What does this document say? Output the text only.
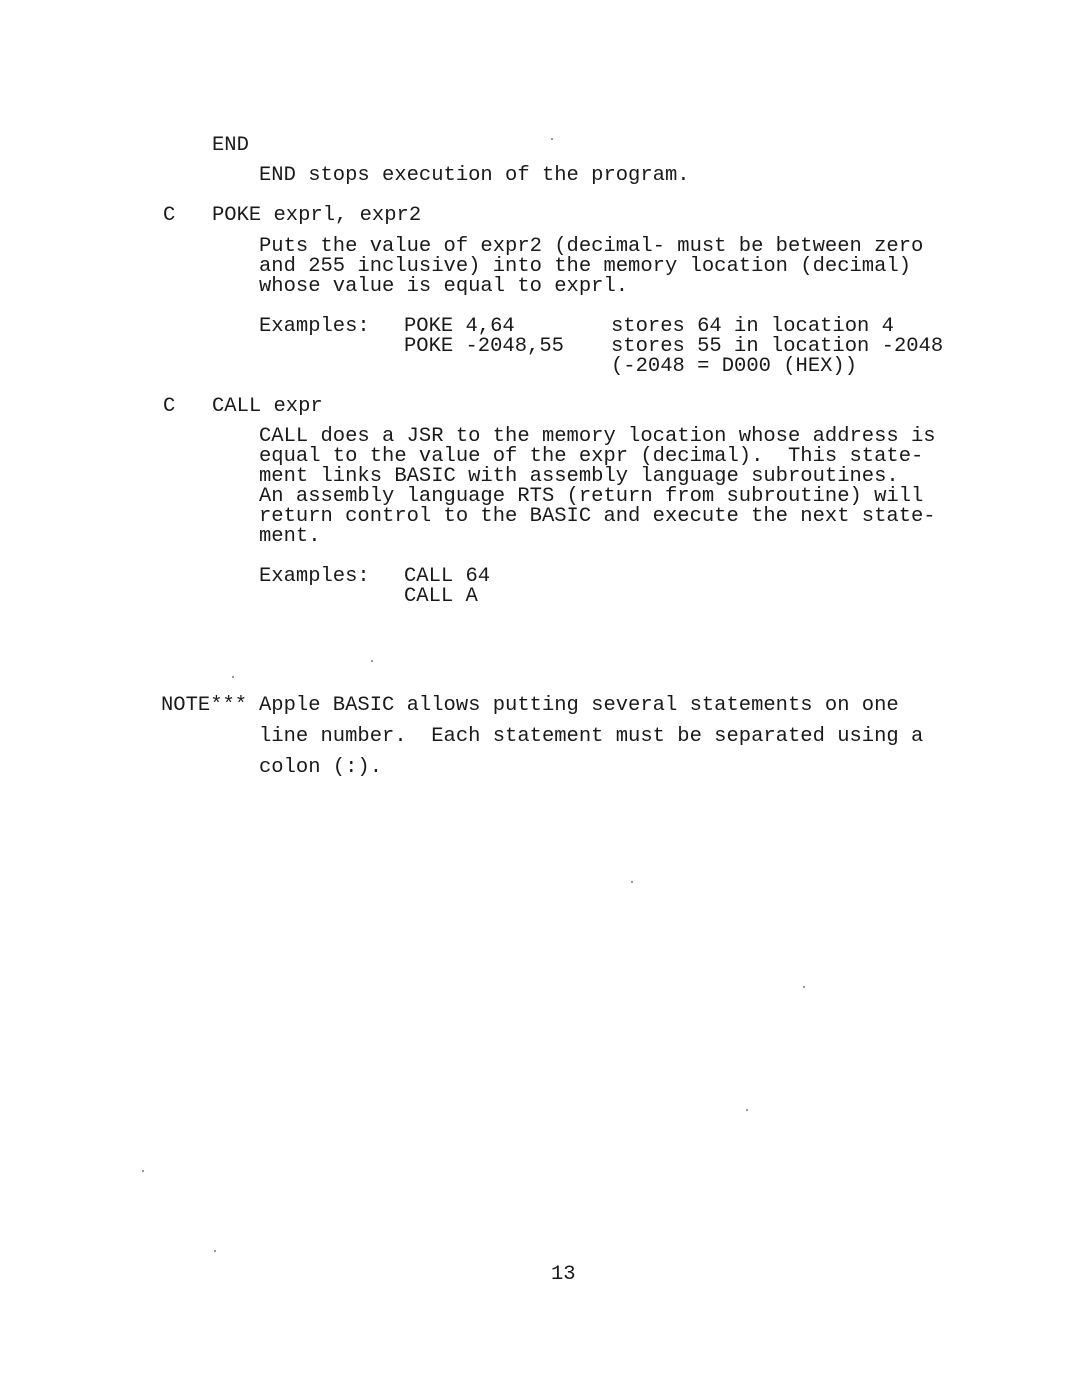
END
END stops execution of the program.
C POKE exprl, expr2
Puts the value of expr2 (decimal- must be between zero
and 255 inclusive) into the memory location (decimal)
whose value is equal to exprl.
Examples: POKE 4,64	stores 64 in location 4
POKE -2048,55 stores 55 in location -2048
(-2048 = D000 (HEX))
C CALL expr
CALL does a JSR to the memory location whose address is
equal to the value of the expr (decimal).  This state-
ment links BASIC with assembly language subroutines.
An assembly language RTS (return from subroutine) will
return control to the BASIC and execute the next state-
ment.
Examples: CALL 64
CALL A
NOTE*** Apple BASIC allows putting several statements on one
line number.  Each statement must be separated using a
colon (:).
13
